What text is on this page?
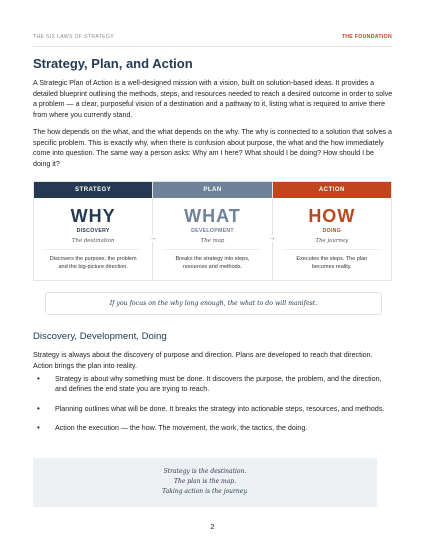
THE SIX LAWS OF STRATEGY	THE FOUNDATION
Strategy, Plan, and Action

A Strategic Plan of Action is a well-designed mission with a vision, built on solution-based ideas. It provides a detailed blueprint outlining the methods, steps, and resources needed to reach a desired outcome in order to solve a problem — a clear, purposeful vision of a destination and a pathway to it, listing what is required to arrive there from where you currently stand.

The how depends on the what, and the what depends on the why. The why is connected to a solution that solves a specific problem. This is exactly why, when there is confusion about purpose, the what and the how immediately come into question. The same way a person asks: Why am I here? What should I be doing? How should I be doing it?

STRATEGY
WHY
DISCOVERY
The destination
Discovers the purpose, the problem and the big-picture direction.
→
PLAN
WHAT
DEVELOPMENT
The map
Breaks the strategy into steps, resources and methods.
→
ACTION
HOW
DOING
The journey
Executes the steps. The plan becomes reality.
If you focus on the why long enough, the what to do will manifest.
Discovery, Development, Doing

Strategy is always about the discovery of purpose and direction. Plans are developed to reach that direction. Action brings the plan into reality.

• Strategy is about why something must be done. It discovers the purpose, the problem, and the direction, and defines the end state you are trying to reach.
• Planning outlines what will be done. It breaks the strategy into actionable steps, resources, and methods.
• Action the execution — the how. The movement, the work, the tactics, the doing.
Strategy is the destination.
The plan is the map.
Taking action is the journey.
2
